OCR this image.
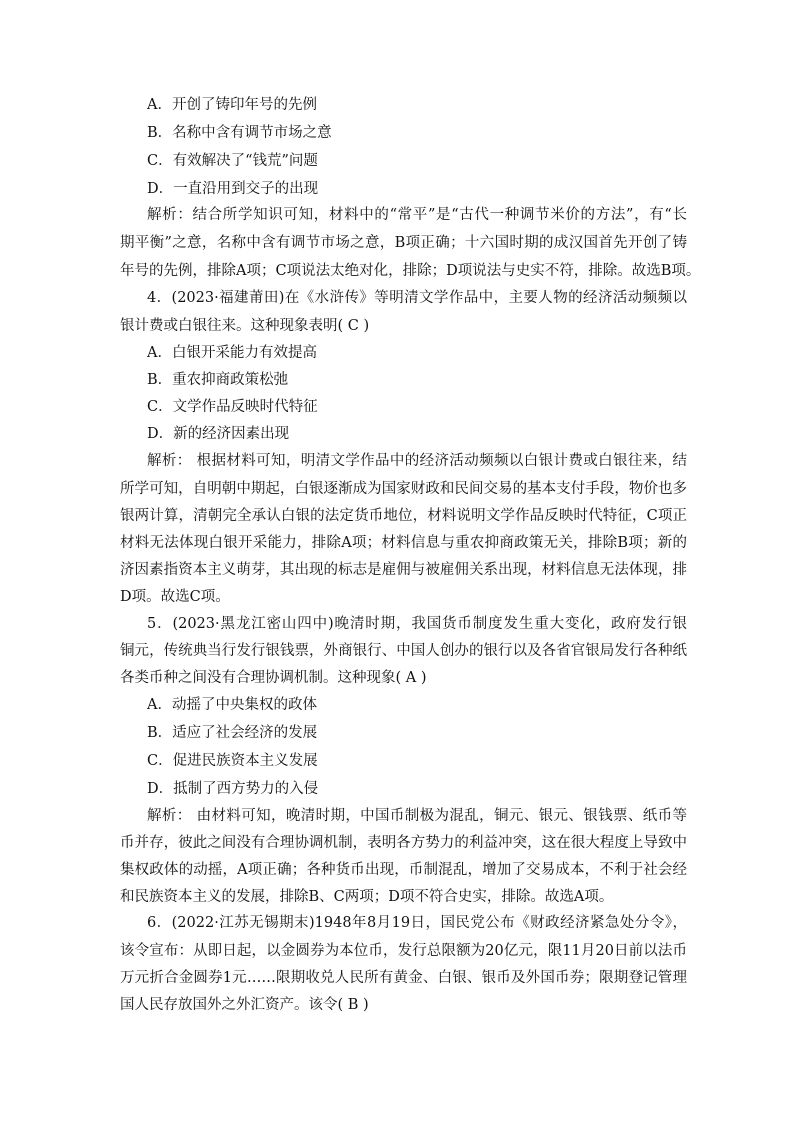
A．开创了铸印年号的先例
B．名称中含有调节市场之意
C．有效解决了“钱荒”问题
D．一直沿用到交子的出现
解析：结合所学知识可知，材料中的“常平”是“古代一种调节米价的方法”，有“长
期平衡”之意，名称中含有调节市场之意，B项正确；十六国时期的成汉国首先开创了铸
年号的先例，排除A项；C项说法太绝对化，排除；D项说法与史实不符，排除。故选B项。
4．(2023·福建莆田)在《水浒传》等明清文学作品中，主要人物的经济活动频频以
银计费或白银往来。这种现象表明( C )
A．白银开采能力有效提高
B．重农抑商政策松弛
C．文学作品反映时代特征
D．新的经济因素出现
解析： 根据材料可知，明清文学作品中的经济活动频频以白银计费或白银往来，结
所学可知，自明朝中期起，白银逐渐成为国家财政和民间交易的基本支付手段，物价也多
银两计算，清朝完全承认白银的法定货币地位，材料说明文学作品反映时代特征，C项正
材料无法体现白银开采能力，排除A项；材料信息与重农抑商政策无关，排除B项；新的
济因素指资本主义萌芽，其出现的标志是雇佣与被雇佣关系出现，材料信息无法体现，排
D项。故选C项。
5．(2023·黑龙江密山四中)晚清时期，我国货币制度发生重大变化，政府发行银
铜元，传统典当行发行银钱票，外商银行、中国人创办的银行以及各省官银局发行各种纸
各类币种之间没有合理协调机制。这种现象( A )
A．动摇了中央集权的政体
B．适应了社会经济的发展
C．促进民族资本主义发展
D．抵制了西方势力的入侵
解析： 由材料可知，晚清时期，中国币制极为混乱，铜元、银元、银钱票、纸币等
币并存，彼此之间没有合理协调机制，表明各方势力的利益冲突，这在很大程度上导致中
集权政体的动摇，A项正确；各种货币出现，币制混乱，增加了交易成本，不利于社会经
和民族资本主义的发展，排除B、C两项；D项不符合史实，排除。故选A项。
6．(2022·江苏无锡期末)1948年8月19日，国民党公布《财政经济紧急处分令》，
该令宣布：从即日起，以金圆券为本位币，发行总限额为20亿元，限11月20日前以法币
万元折合金圆券1元……限期收兑人民所有黄金、白银、银币及外国币券；限期登记管理
国人民存放国外之外汇资产。该令( B )
